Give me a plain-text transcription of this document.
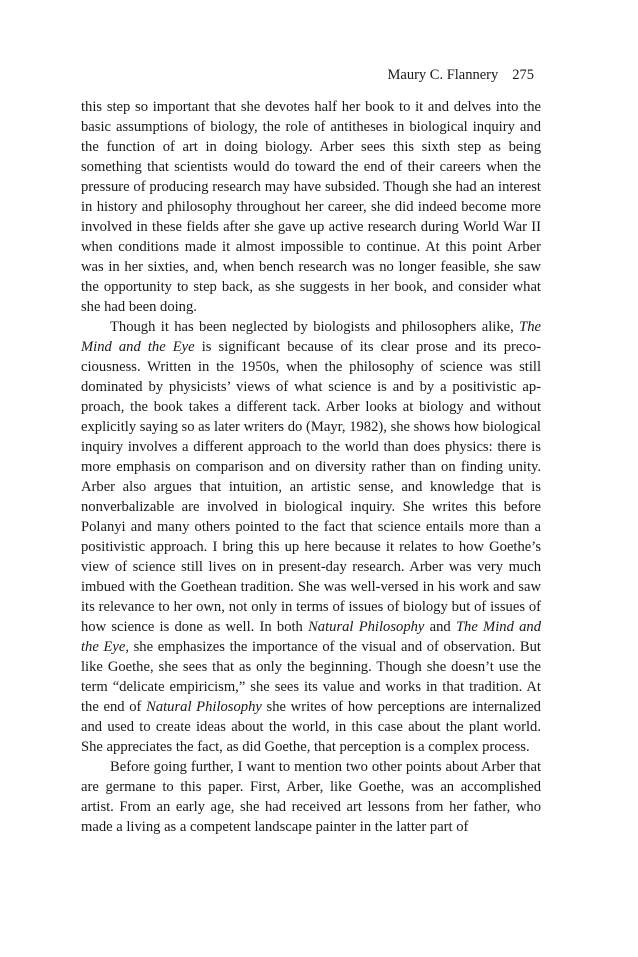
Maury C. Flannery 275

this step so important that she devotes half her book to it and delves into the basic assumptions of biology, the role of antitheses in biological inquiry and the function of art in doing biology. Arber sees this sixth step as being something that scientists would do toward the end of their careers when the pressure of producing research may have subsided. Though she had an interest in history and philosophy throughout her career, she did indeed become more involved in these fields after she gave up active research during World War II when conditions made it almost impossible to continue. At this point Arber was in her sixties, and, when bench research was no longer feasible, she saw the opportunity to step back, as she suggests in her book, and consider what she had been doing.

Though it has been neglected by biologists and philosophers alike, The Mind and the Eye is significant because of its clear prose and its precociousness. Written in the 1950s, when the philosophy of science was still dominated by physicists’ views of what science is and by a positivistic approach, the book takes a different tack. Arber looks at biology and without explicitly saying so as later writers do (Mayr, 1982), she shows how biological inquiry involves a different approach to the world than does physics: there is more emphasis on comparison and on diversity rather than on finding unity. Arber also argues that intuition, an artistic sense, and knowledge that is nonverbalizable are involved in biological inquiry. She writes this before Polanyi and many others pointed to the fact that science entails more than a positivistic approach. I bring this up here because it relates to how Goethe’s view of science still lives on in present-day research. Arber was very much imbued with the Goethean tradition. She was well-versed in his work and saw its relevance to her own, not only in terms of issues of biology but of issues of how science is done as well. In both Natural Philosophy and The Mind and the Eye, she emphasizes the importance of the visual and of observation. But like Goethe, she sees that as only the beginning. Though she doesn’t use the term “delicate empiricism,” she sees its value and works in that tradition. At the end of Natural Philosophy she writes of how perceptions are internalized and used to create ideas about the world, in this case about the plant world. She appreciates the fact, as did Goethe, that perception is a complex process.

Before going further, I want to mention two other points about Arber that are germane to this paper. First, Arber, like Goethe, was an accomplished artist. From an early age, she had received art lessons from her father, who made a living as a competent landscape painter in the latter part of
